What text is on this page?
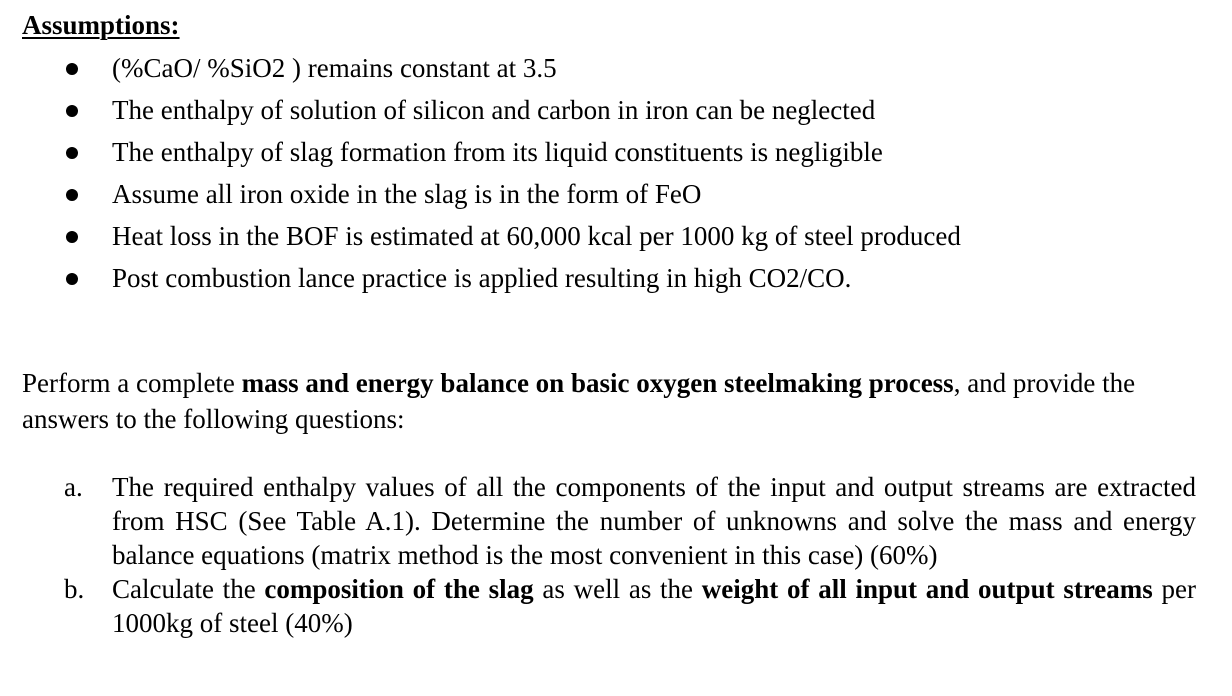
Assumptions:
(%CaO/ %SiO2 ) remains constant at 3.5
The enthalpy of solution of silicon and carbon in iron can be neglected
The enthalpy of slag formation from its liquid constituents is negligible
Assume all iron oxide in the slag is in the form of FeO
Heat loss in the BOF is estimated at 60,000 kcal per 1000 kg of steel produced
Post combustion lance practice is applied resulting in high CO2/CO.

Perform a complete mass and energy balance on basic oxygen steelmaking process, and provide the answers to the following questions:

a. The required enthalpy values of all the components of the input and output streams are extracted from HSC (See Table A.1). Determine the number of unknowns and solve the mass and energy balance equations (matrix method is the most convenient in this case) (60%)
b. Calculate the composition of the slag as well as the weight of all input and output streams per 1000kg of steel (40%)
